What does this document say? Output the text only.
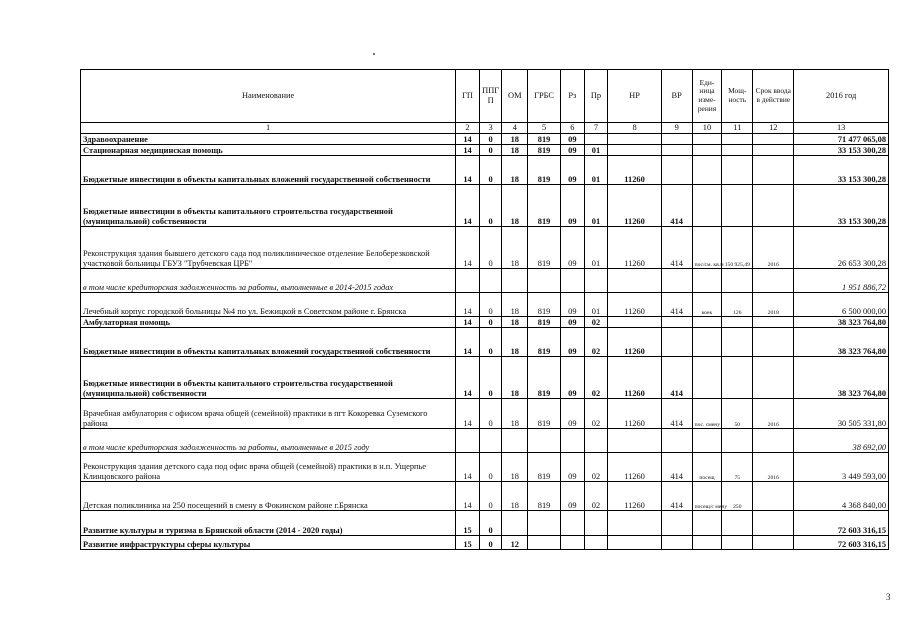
Наименование	ГП	ППГ П	ОМ	ГРБС	Рз	Пр	НР	ВР	Еди- ница изме- рения	Мощ- ность	Срок ввода в действие	2016 год
1	2	3	4	5	6	7	8	9	10	11	12	13
Здравоохранение	14	0	18	819	09							71 477 065,08
Стационарная медицинская помощь	14	0	18	819	09	01						33 153 300,28
Бюджетные инвестиции в объекты капитальных вложений государственной собственности	14	0	18	819	09	01	11260					33 153 300,28
Бюджетные инвестиции в объекты капитального строительства государственной (муниципальной) собственности	14	0	18	819	09	01	11260	414				33 153 300,28
Реконструкция здания бывшего детского сада под поликлиническое отделение Белоберезковской участковой больницы ГБУЗ "Трубчевская ЦРБ"	14	0	18	819	09	01	11260	414	пос/см. кв.м	150 925,49	2016	26 653 300,28
в том числе кредиторская задолженность за работы, выполненные в 2014-2015 годах												1 951 886,72
Лечебный корпус городской больницы №4 по ул. Бежицкой в Советском районе г. Брянска	14	0	18	819	09	01	11260	414	коек	126	2018	6 500 000,00
Амбулаторная помощь	14	0	18	819	09	02						38 323 764,80
Бюджетные инвестиции в объекты капитальных вложений государственной собственности	14	0	18	819	09	02	11260					38 323 764,80
Бюджетные инвестиции в объекты капитального строительства государственной (муниципальной) собственности	14	0	18	819	09	02	11260	414				38 323 764,80
Врачебная амбулатория с офисом врача общей (семейной) практики в пгт Кокоревка Суземского района	14	0	18	819	09	02	11260	414	пос. смену	50	2016	30 505 331,80
в том числе кредиторская задолженность за работы, выполненные в 2015 году												38 692,00
Реконструкция здания детского сада под офис врача общей (семейной) практики в н.п. Ущерпье Клинцовского района	14	0	18	819	09	02	11260	414	посещ	75	2016	3 449 593,00
Детская поликлиника на 250 посещений в смену в Фокинском районе г.Брянска	14	0	18	819	09	02	11260	414	посещ/с мену	250		4 368 840,00
Развитие культуры и туризма в Брянской области (2014 - 2020 годы)	15	0										72 603 316,15
Развитие инфраструктуры сферы культуры	15	0	12									72 603 316,15
3
